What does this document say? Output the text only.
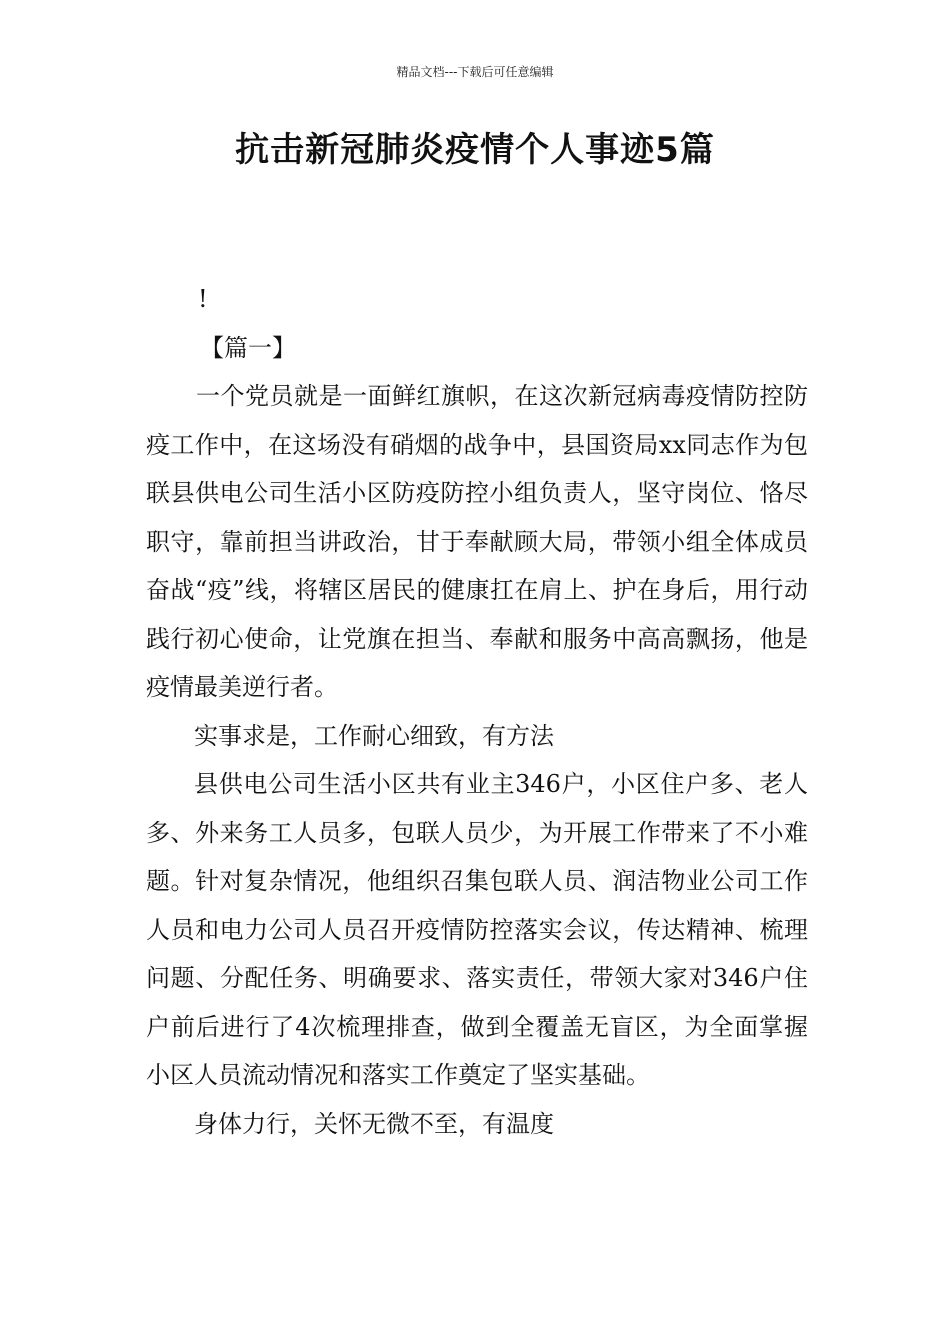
精品文档---下载后可任意编辑
抗击新冠肺炎疫情个人事迹5篇

!

【篇一】

一个党员就是一面鲜红旗帜，在这次新冠病毒疫情防控防疫工作中，在这场没有硝烟的战争中，县国资局xx同志作为包联县供电公司生活小区防疫防控小组负责人，坚守岗位、恪尽职守，靠前担当讲政治，甘于奉献顾大局，带领小组全体成员奋战“疫”线，将辖区居民的健康扛在肩上、护在身后，用行动践行初心使命，让党旗在担当、奉献和服务中高高飘扬，他是疫情最美逆行者。

实事求是，工作耐心细致，有方法

县供电公司生活小区共有业主346户，小区住户多、老人多、外来务工人员多，包联人员少，为开展工作带来了不小难题。针对复杂情况，他组织召集包联人员、润洁物业公司工作人员和电力公司人员召开疫情防控落实会议，传达精神、梳理问题、分配任务、明确要求、落实责任，带领大家对346户住户前后进行了4次梳理排查，做到全覆盖无盲区，为全面掌握小区人员流动情况和落实工作奠定了坚实基础。

身体力行，关怀无微不至，有温度
